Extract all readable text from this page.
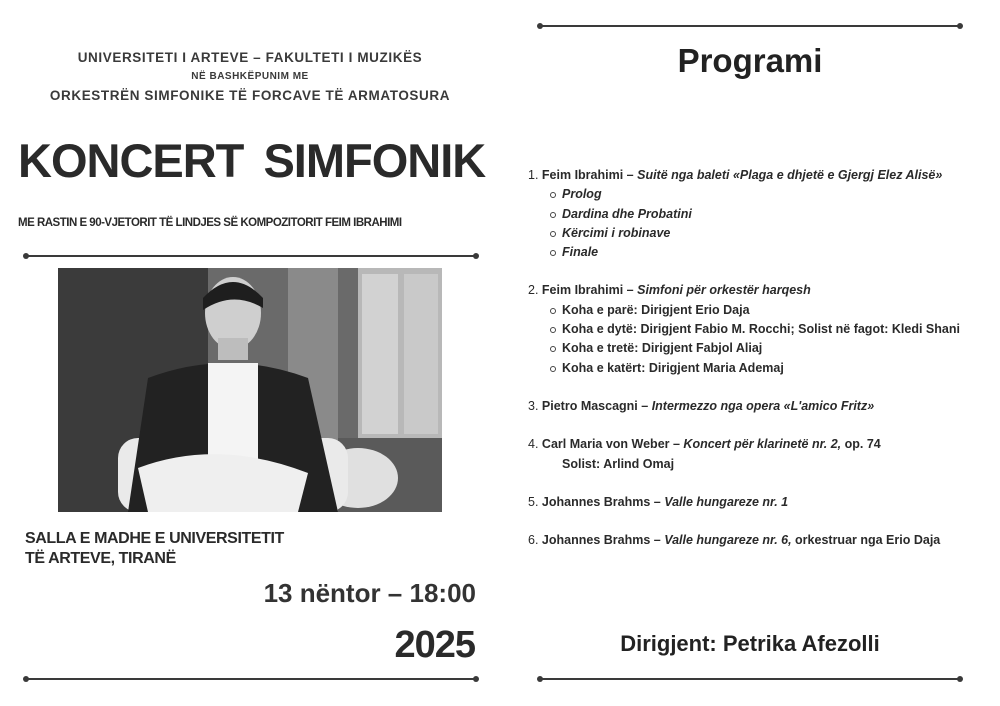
UNIVERSITETI I ARTEVE – FAKULTETI I MUZIKËS
NË BASHKËPUNIM ME
ORKESTRËN SIMFONIKE TË FORCAVE TË ARMATOSURA
KONCERT SIMFONIK
ME RASTIN E 90-VJETORIT TË LINDJES SË KOMPOZITORIT FEIM IBRAHIMI
SALLA E MADHE E UNIVERSITETIT
TË ARTEVE, TIRANË
13 nëntor – 18:00
2025
Programi
1. Feim Ibrahimi – Suitë nga baleti «Plaga e dhjetë e Gjergj Elez Alisë»
Prolog
Dardina dhe Probatini
Kërcimi i robinave
Finale
2. Feim Ibrahimi – Simfoni për orkestër harqesh
Koha e parë: Dirigjent Erio Daja
Koha e dytë: Dirigjent Fabio M. Rocchi; Solist në fagot: Kledi Shani
Koha e tretë: Dirigjent Fabjol Aliaj
Koha e katërt: Dirigjent Maria Ademaj
3. Pietro Mascagni – Intermezzo nga opera «L'amico Fritz»
4. Carl Maria von Weber – Koncert për klarinetë nr. 2, op. 74
Solist: Arlind Omaj
5. Johannes Brahms – Valle hungareze nr. 1
6. Johannes Brahms – Valle hungareze nr. 6, orkestruar nga Erio Daja
Dirigjent: Petrika Afezolli
